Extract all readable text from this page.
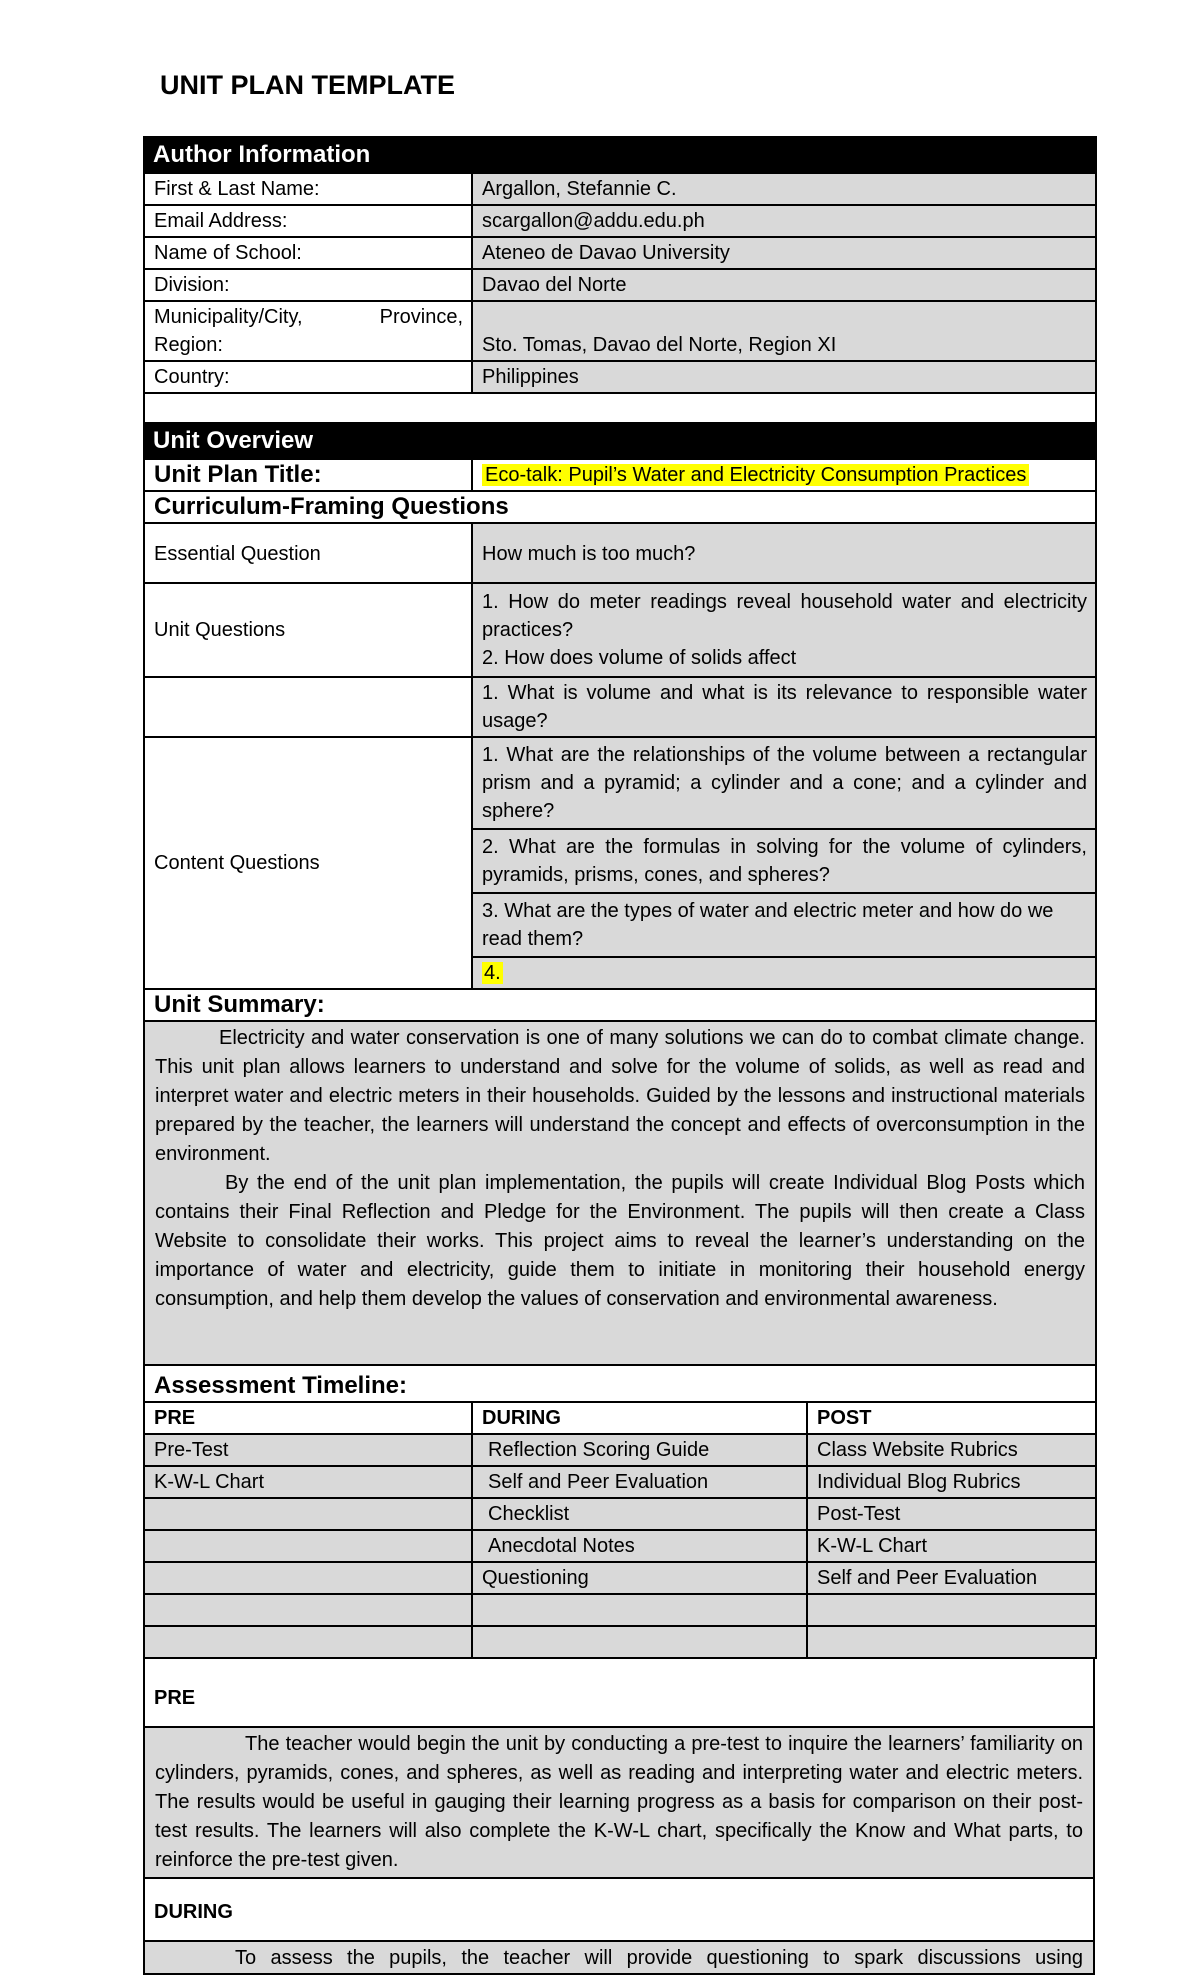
UNIT PLAN TEMPLATE
Author Information	
First & Last Name:	Argallon, Stefannie C.
Email Address:	scargallon@addu.edu.ph
Name of School:	Ateneo de Davao University
Division:	Davao del Norte
Municipality/City, Province, Region:	Sto. Tomas, Davao del Norte, Region XI
Country:	Philippines

Unit Overview	
Unit Plan Title:	Eco-talk: Pupil’s Water and Electricity Consumption Practices
Curriculum-Framing Questions	
Essential Question	How much is too much?
Unit Questions	1. How do meter readings reveal household water and electricity practices?
2. How does volume of solids affect

	1. What is volume and what is its relevance to responsible water usage?
Content Questions	1. What are the relationships of the volume between a rectangular prism and a pyramid; a cylinder and a cone; and a cylinder and sphere?
	2. What are the formulas in solving for the volume of cylinders, pyramids, prisms, cones, and spheres?
	3. What are the types of water and electric meter and how do we read them?
	4.
Unit Summary:	

Electricity and water conservation is one of many solutions we can do to combat climate change. This unit plan allows learners to understand and solve for the volume of solids, as well as read and interpret water and electric meters in their households. Guided by the lessons and instructional materials prepared by the teacher, the learners will understand the concept and effects of overconsumption in the environment.

By the end of the unit plan implementation, the pupils will create Individual Blog Posts which contains their Final Reflection and Pledge for the Environment. The pupils will then create a Class Website to consolidate their works. This project aims to reveal the learner’s understanding on the importance of water and electricity, guide them to initiate in monitoring their household energy consumption, and help them develop the values of conservation and environmental awareness.	

Assessment Timeline:	
PRE	DURING	POST
Pre-Test	Reflection Scoring Guide	Class Website Rubrics
K-W-L Chart	Self and Peer Evaluation	Individual Blog Rubrics
	Checklist	Post-Test
	Anecdotal Notes	K-W-L Chart
	Questioning	Self and Peer Evaluation

PRE

The teacher would begin the unit by conducting a pre-test to inquire the learners’ familiarity on cylinders, pyramids, cones, and spheres, as well as reading and interpreting water and electric meters. The results would be useful in gauging their learning progress as a basis for comparison on their post-test results. The learners will also complete the K-W-L chart, specifically the Know and What parts, to reinforce the pre-test given.

DURING

To assess the pupils, the teacher will provide questioning to spark discussions using
